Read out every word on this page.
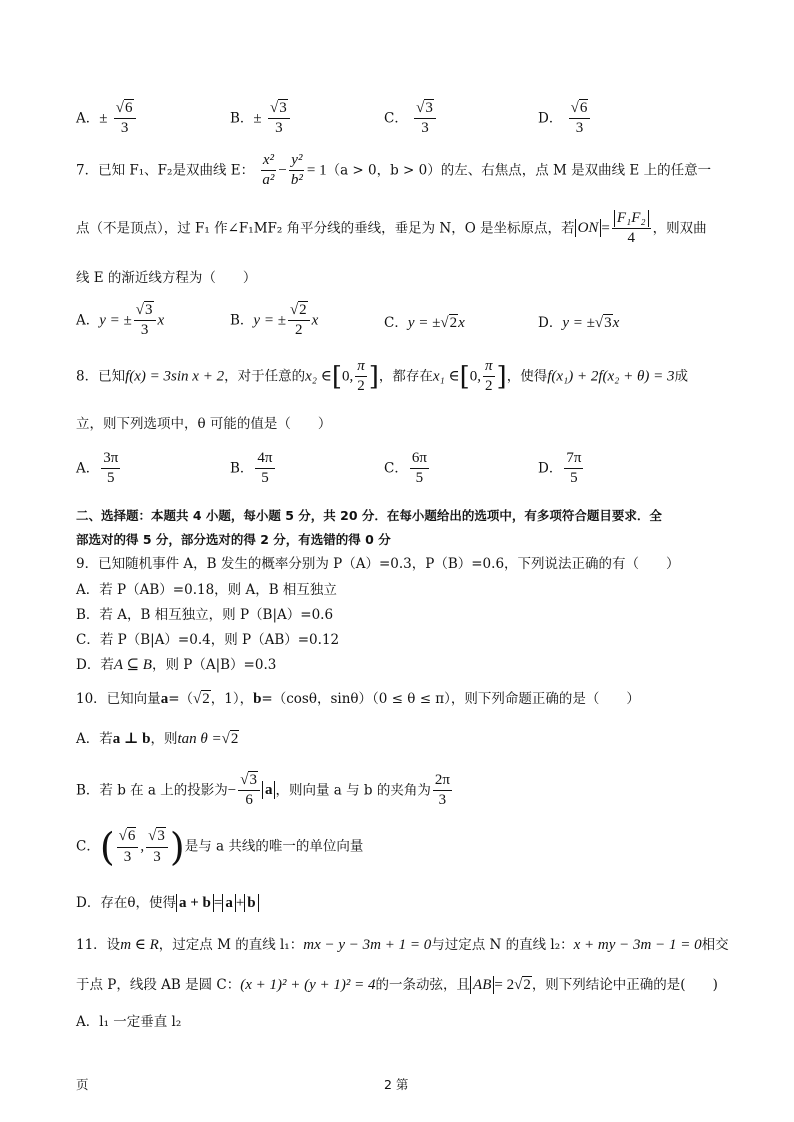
A．± $\frac{√6}{3}$	B．± $\frac{√3}{3}$	C． $\frac{√3}{3}$	D． $\frac{√6}{3}$
7．已知 F₁、F₂是双曲线 E： $\frac{\text{x²}}{\text{a²}} - \frac{\text{y²}}{\text{b²}} = 1(a > 0$，b > 0）的左、右焦点，点 M 是双曲线 E 上的任意一
点（不是顶点），过 F₁ 作∠F₁MF₂ 角平分线的垂线，垂足为 N，O 是坐标原点，若 ON = $\frac{\text{F₁F₂}}{4}$ ，则双曲
线 E 的渐近线方程为（　　）
A．y = ± $\frac{√3}{3}$ x	B．y = ± $\frac{√2}{2}$ x	C．y = ±√2x	D．y = ±√3x
8．已知f(x) = 3sin x + 2，对于任意的x₂ ∈[0, $\frac{\pi}{2}$ ]，都存在x₁ ∈[0, $\frac{\pi}{2}$ ]，使得f(x₁) + 2f(x₂ + θ) = 3成
立，则下列选项中，θ 可能的值是（　　）
A． $\frac{3\pi}{5}$	B． $\frac{4\pi}{5}$	C． $\frac{6\pi}{5}$	D． $\frac{7\pi}{5}$
二、选择题：本题共 4 小题，每小题 5 分，共 20 分．在每小题给出的选项中，有多项符合题目要求．全
部选对的得 5 分，部分选对的得 2 分，有选错的得 0 分
9．已知随机事件 A，B 发生的概率分别为 P（A）=0.3，P（B）=0.6，下列说法正确的有（　　）
A．若 P（AB）=0.18，则 A，B 相互独立
B．若 A，B 相互独立，则 P（B|A）=0.6
C．若 P（B|A）=0.4，则 P（AB）=0.12
D．若A ⊆ B，则 P（A|B）=0.3
10．已知向量a=（√2，1），b=（cosθ，sinθ）（0 ≤ θ ≤ π），则下列命题正确的是（　　）
A．若a ⊥ b，则tan θ =√2
B．若 b 在 a 上的投影为− $\frac{√3}{6}$ a ，则向量 a 与 b 的夹角为 $\frac{2\pi}{3}$
C．( $\frac{√6}{3}$ , $\frac{√3}{3}$ )是与 a 共线的唯一的单位向量
D．存在θ，使得 a + b = a + b
11．设m ∈ R，过定点 M 的直线 l₁：mx − y − 3m + 1 = 0与过定点 N 的直线 l₂：x + my − 3m − 1 = 0相交
于点 P，线段 AB 是圆 C：(x + 1)² + (y + 1)² = 4的一条动弦，且 AB = 2√2，则下列结论中正确的是(　　)
A．l₁ 一定垂直 l₂
页	2 第
